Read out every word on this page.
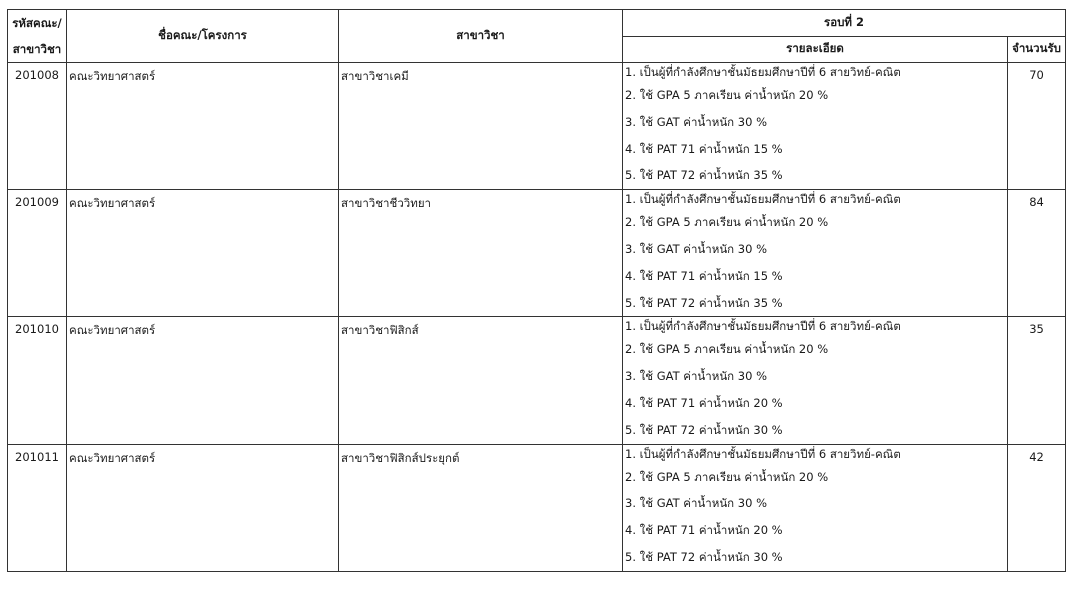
รหัสคณะ/
สาขาวิชา	ชื่อคณะ/โครงการ	สาขาวิชา	รอบที่ 2	
			รายละเอียด	จำนวนรับ
201008	คณะวิทยาศาสตร์	สาขาวิชาเคมี	1. เป็นผู้ที่กำลังศึกษาชั้นมัธยมศึกษาปีที่ 6 สายวิทย์-คณิต
2. ใช้ GPA 5 ภาคเรียน ค่าน้ำหนัก 20 %
3. ใช้ GAT ค่าน้ำหนัก 30 %
4. ใช้ PAT 71 ค่าน้ำหนัก 15 %
5. ใช้ PAT 72 ค่าน้ำหนัก 35 %	70
201009	คณะวิทยาศาสตร์	สาขาวิชาชีววิทยา	1. เป็นผู้ที่กำลังศึกษาชั้นมัธยมศึกษาปีที่ 6 สายวิทย์-คณิต
2. ใช้ GPA 5 ภาคเรียน ค่าน้ำหนัก 20 %
3. ใช้ GAT ค่าน้ำหนัก 30 %
4. ใช้ PAT 71 ค่าน้ำหนัก 15 %
5. ใช้ PAT 72 ค่าน้ำหนัก 35 %	84
201010	คณะวิทยาศาสตร์	สาขาวิชาฟิสิกส์	1. เป็นผู้ที่กำลังศึกษาชั้นมัธยมศึกษาปีที่ 6 สายวิทย์-คณิต
2. ใช้ GPA 5 ภาคเรียน ค่าน้ำหนัก 20 %
3. ใช้ GAT ค่าน้ำหนัก 30 %
4. ใช้ PAT 71 ค่าน้ำหนัก 20 %
5. ใช้ PAT 72 ค่าน้ำหนัก 30 %	35
201011	คณะวิทยาศาสตร์	สาขาวิชาฟิสิกส์ประยุกต์	1. เป็นผู้ที่กำลังศึกษาชั้นมัธยมศึกษาปีที่ 6 สายวิทย์-คณิต
2. ใช้ GPA 5 ภาคเรียน ค่าน้ำหนัก 20 %
3. ใช้ GAT ค่าน้ำหนัก 30 %
4. ใช้ PAT 71 ค่าน้ำหนัก 20 %
5. ใช้ PAT 72 ค่าน้ำหนัก 30 %	42
